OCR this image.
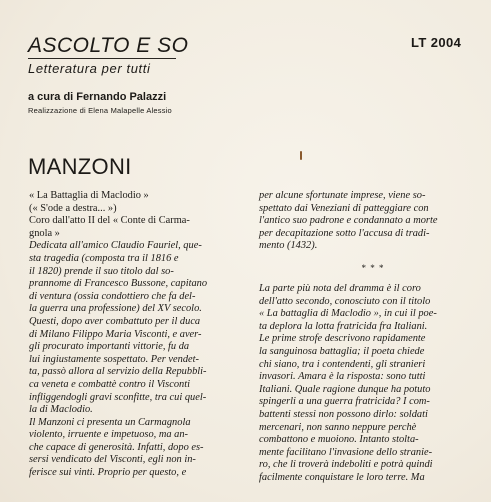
ASCOLTO E SO
Letteratura per tutti
LT 2004
a cura di Fernando Palazzi
Realizzazione di Elena Malapelle Alessio
MANZONI
« La Battaglia di Maclodio »
(« S'ode a destra... »)
Coro dall'atto II del « Conte di Carma-
gnola »
Dedicata all'amico Claudio Fauriel, que-
sta tragedia (composta tra il 1816 e
il 1820) prende il suo titolo dal so-
prannome di Francesco Bussone, capitano
di ventura (ossia condottiero che fa del-
la guerra una professione) del XV secolo.
Questi, dopo aver combattuto per il duca
di Milano Filippo Maria Visconti, e aver-
gli procurato importanti vittorie, fu da
lui ingiustamente sospettato. Per vendet-
ta, passò allora al servizio della Repubbli-
ca veneta e combattè contro il Visconti
infliggendogli gravi sconfitte, tra cui quel-
la di Maclodio.
Il Manzoni ci presenta un Carmagnola
violento, irruente e impetuoso, ma an-
che capace di generosità. Infatti, dopo es-
sersi vendicato del Visconti, egli non in-
ferisce sui vinti. Proprio per questo, e
per alcune sfortunate imprese, viene so-
spettato dai Veneziani di patteggiare con
l'antico suo padrone e condannato a morte
per decapitazione sotto l'accusa di tradi-
mento (1432).
* * *
La parte più nota del dramma è il coro
dell'atto secondo, conosciuto con il titolo
« La battaglia di Maclodio », in cui il poe-
ta deplora la lotta fratricida fra Italiani.
Le prime strofe descrivono rapidamente
la sanguinosa battaglia; il poeta chiede
chi siano, tra i contendenti, gli stranieri
invasori. Amara è la risposta: sono tutti
Italiani. Quale ragione dunque ha potuto
spingerli a una guerra fratricida? I com-
battenti stessi non possono dirlo: soldati
mercenari, non sanno neppure perchè
combattono e muoiono. Intanto stolta-
mente facilitano l'invasione dello stranie-
ro, che li troverà indeboliti e potrà quindi
facilmente conquistare le loro terre. Ma
